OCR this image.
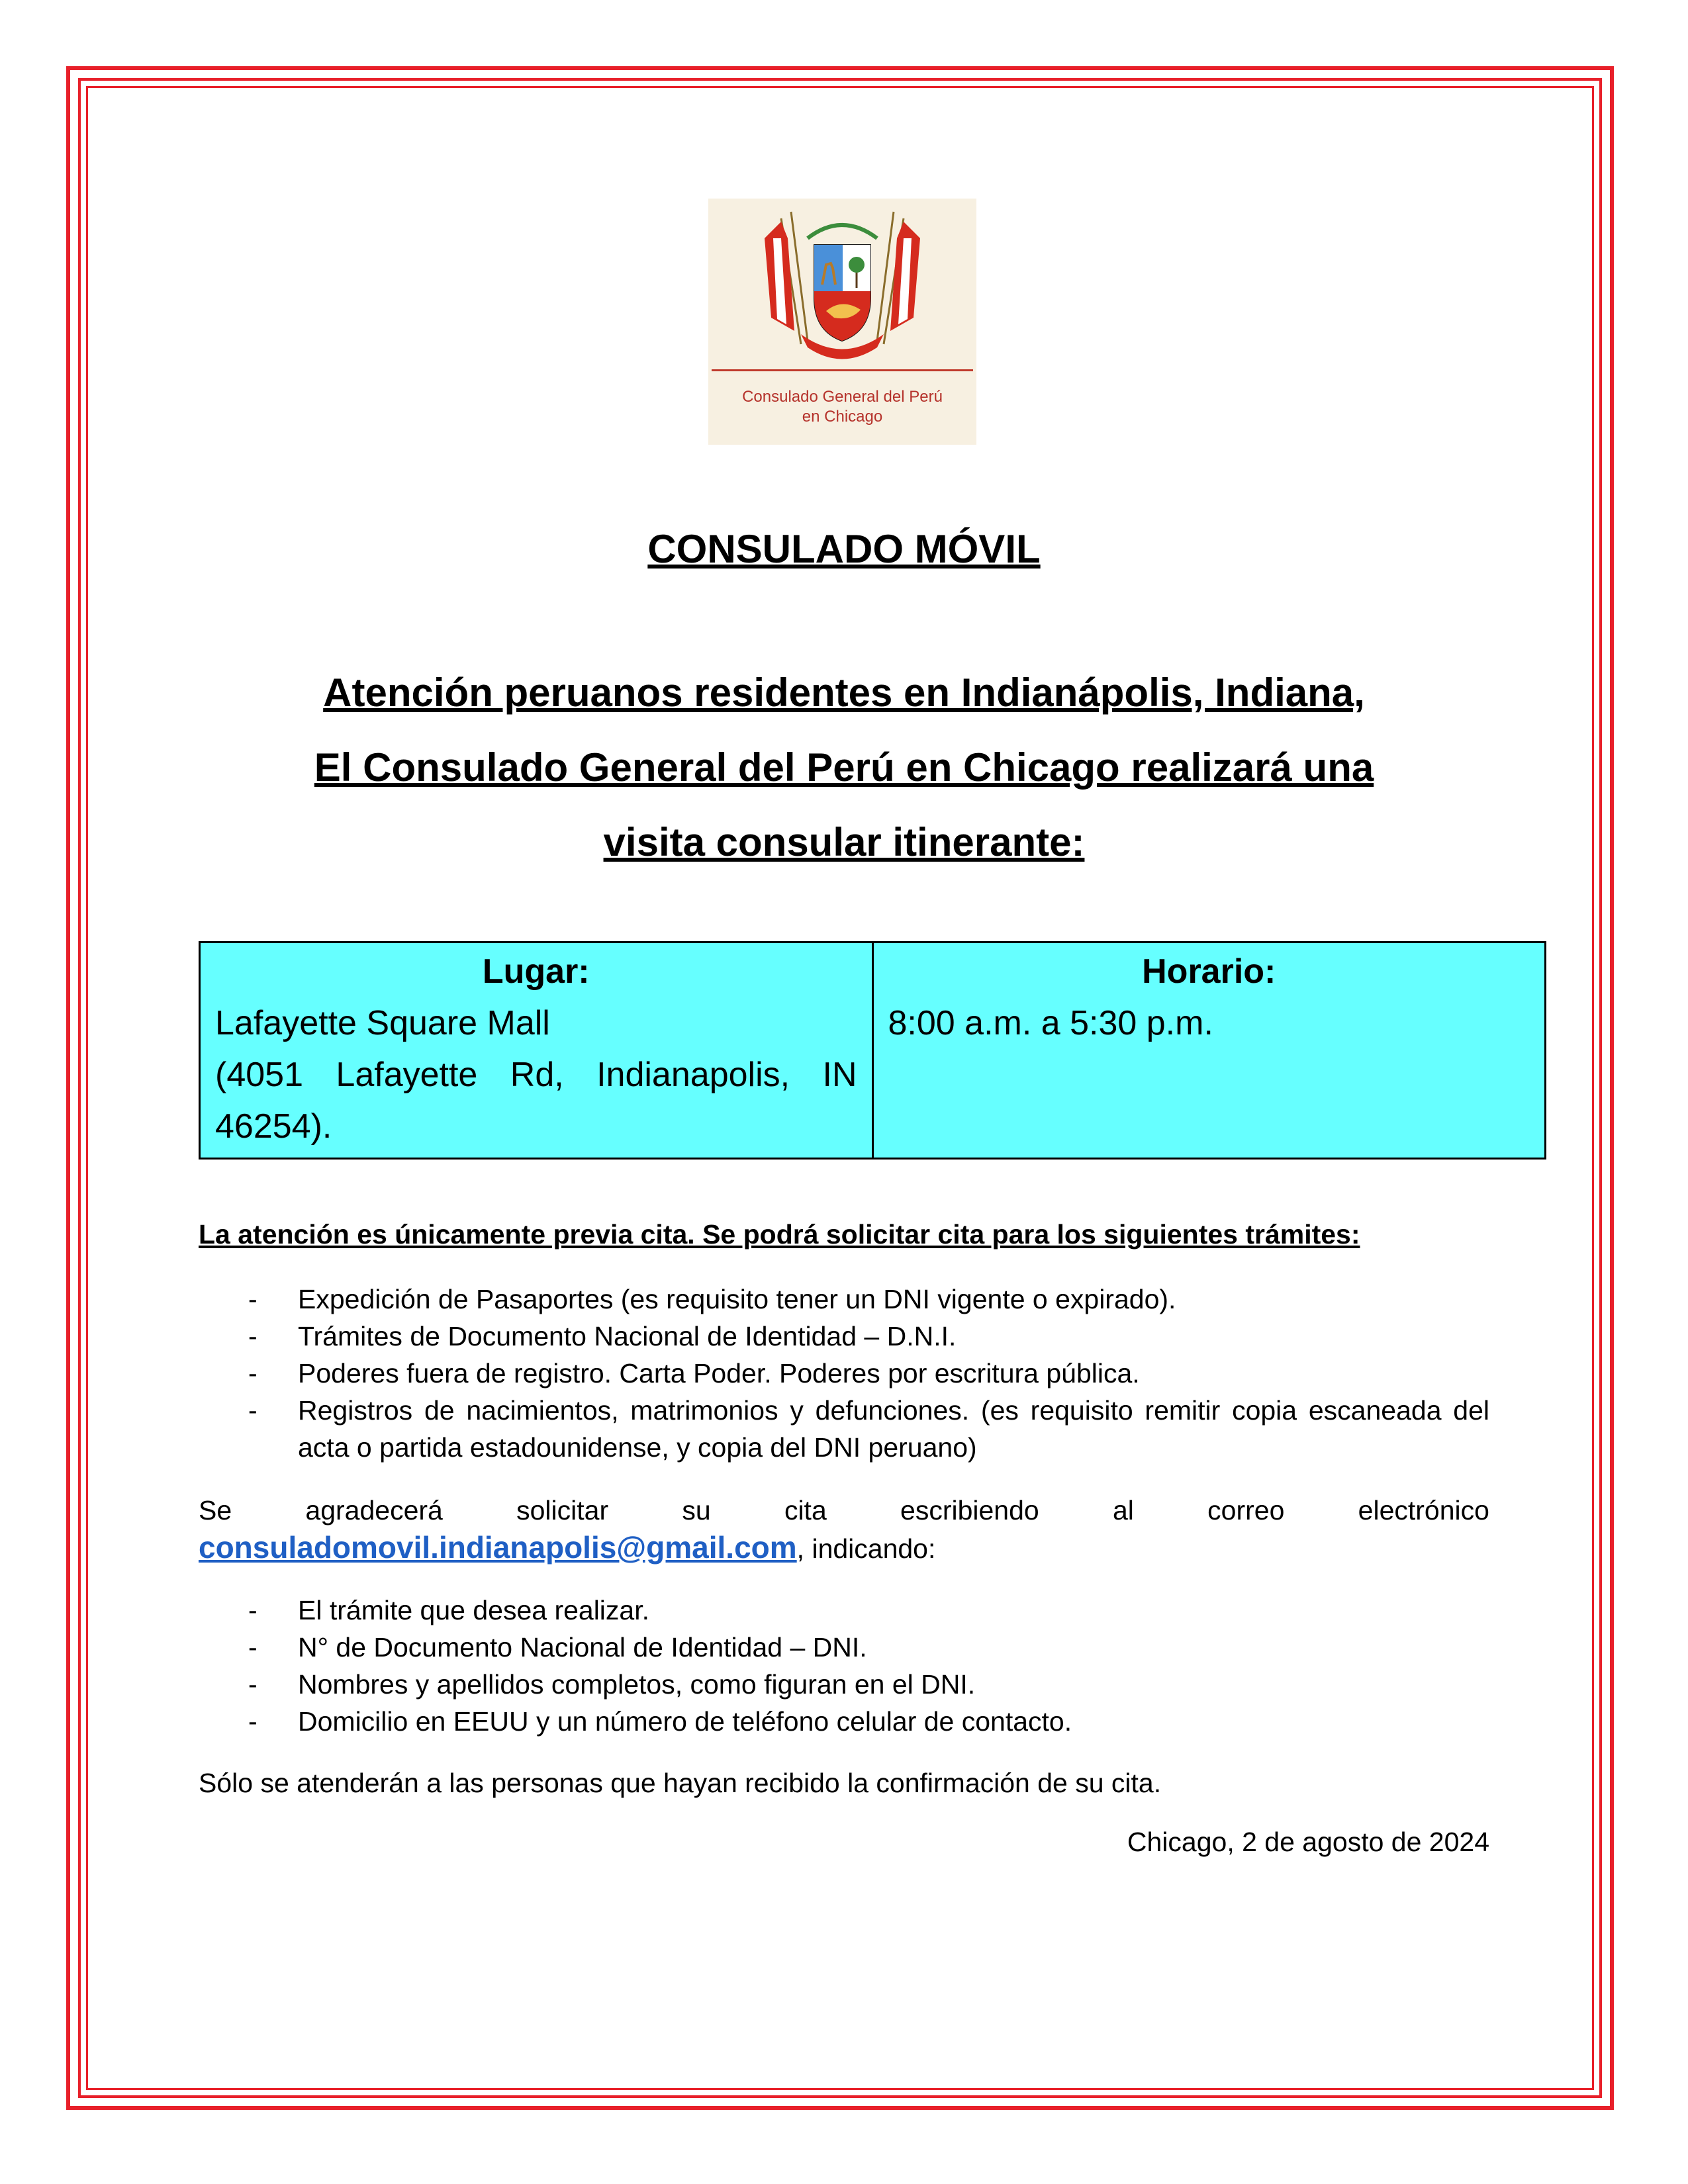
Consulado General del Perú
en Chicago
CONSULADO MÓVIL
Atención peruanos residentes en Indianápolis, Indiana,
El Consulado General del Perú en Chicago realizará una
visita consular itinerante:
Lugar:
Lafayette Square Mall
(4051 Lafayette Rd, Indianapolis, IN 46254).

Horario:
8:00 a.m. a 5:30 p.m.
La atención es únicamente previa cita. Se podrá solicitar cita para los siguientes trámites:
- Expedición de Pasaportes (es requisito tener un DNI vigente o expirado).
- Trámites de Documento Nacional de Identidad – D.N.I.
- Poderes fuera de registro. Carta Poder. Poderes por escritura pública.
- Registros de nacimientos, matrimonios y defunciones. (es requisito remitir copia escaneada del acta o partida estadounidense, y copia del DNI peruano)
Se	agradecerá	solicitar	su	cita	escribiendo	al	correo	electrónico
consuladomovil.indianapolis@gmail.com, indicando:
- El trámite que desea realizar.
- N° de Documento Nacional de Identidad – DNI.
- Nombres y apellidos completos, como figuran en el DNI.
- Domicilio en EEUU y un número de teléfono celular de contacto.
Sólo se atenderán a las personas que hayan recibido la confirmación de su cita.
Chicago, 2 de agosto de 2024
